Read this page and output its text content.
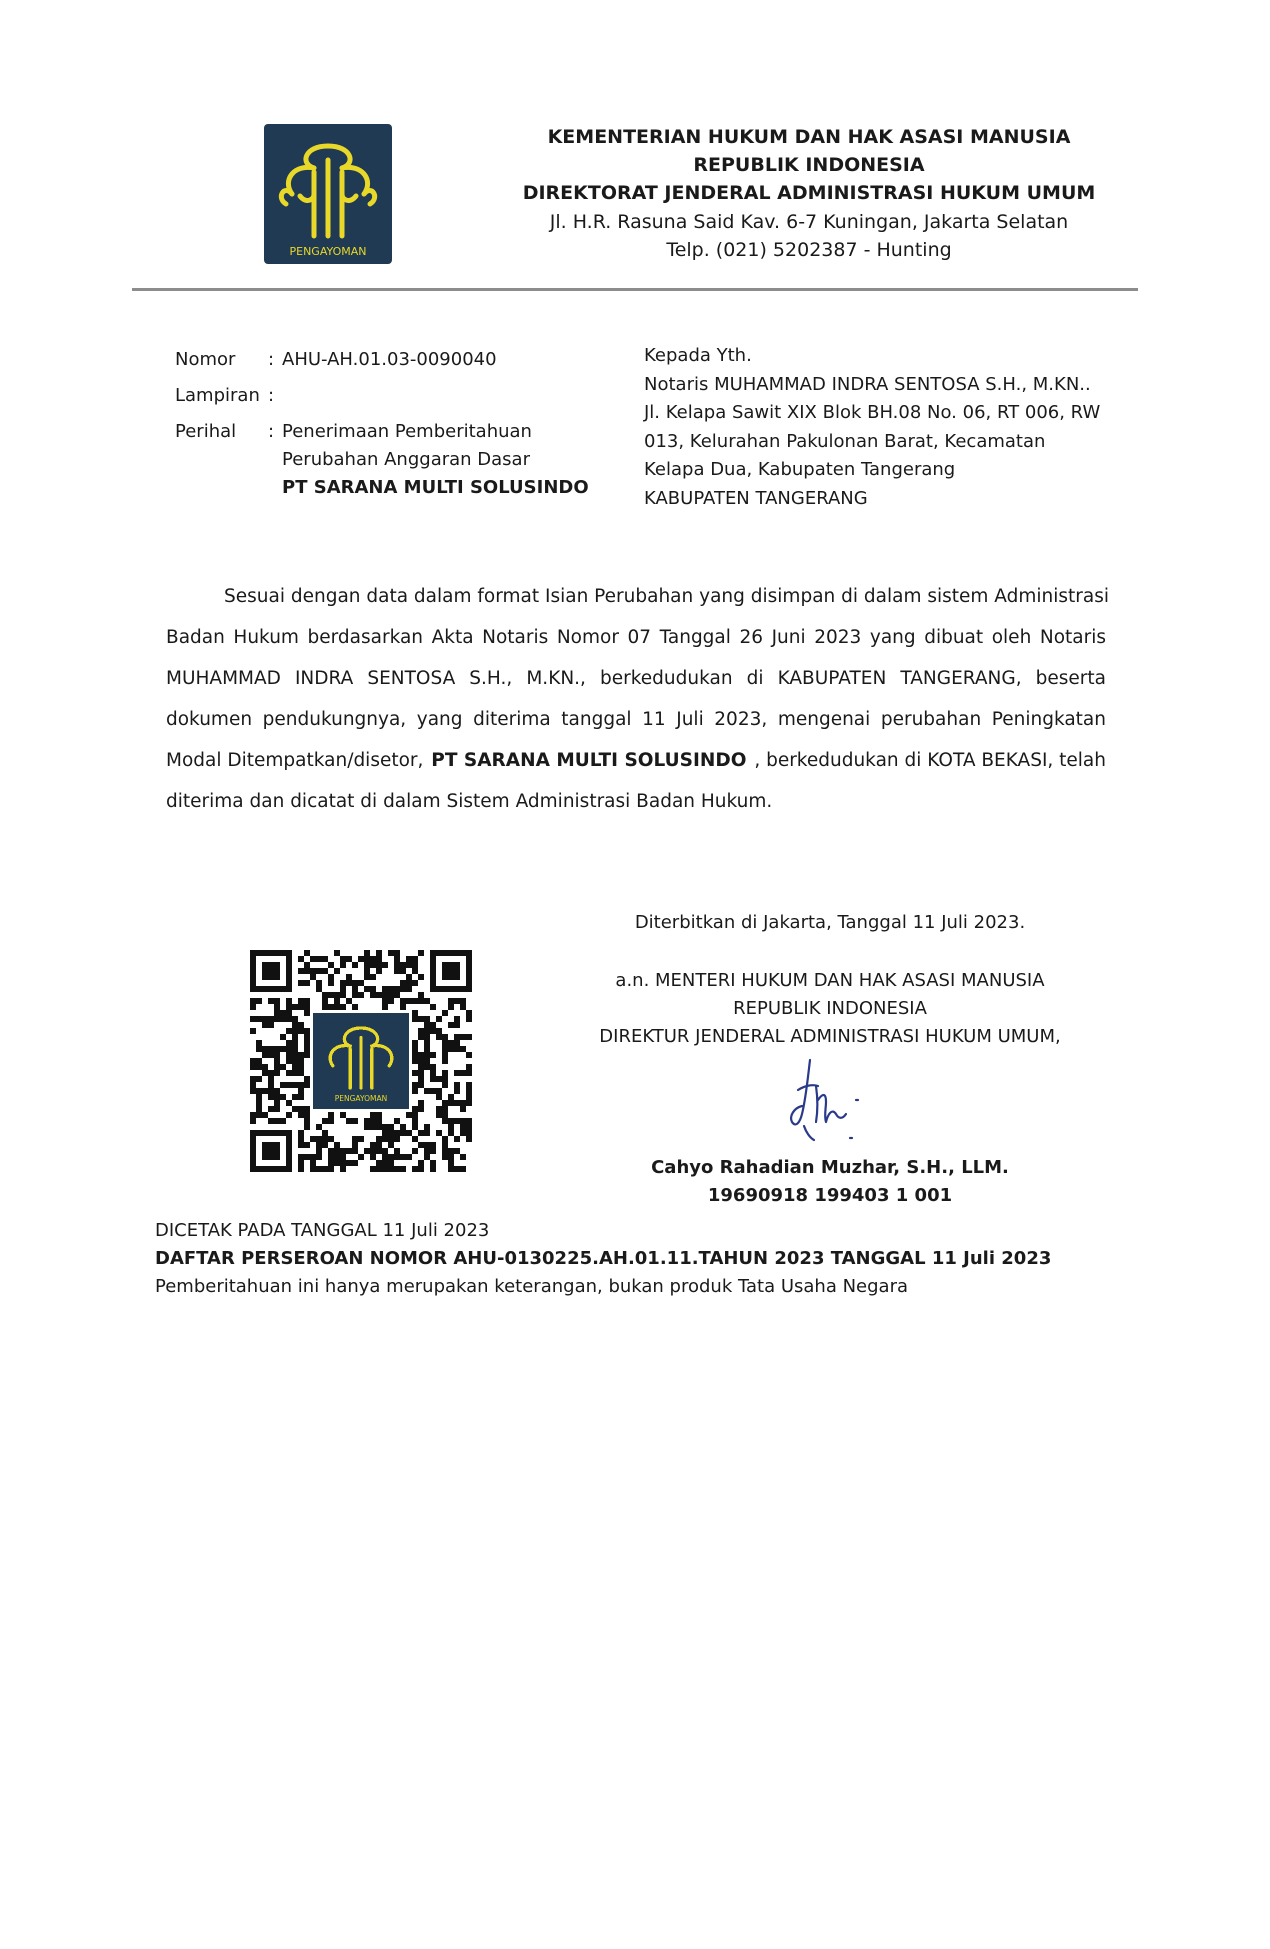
PENGAYOMAN
KEMENTERIAN HUKUM DAN HAK ASASI MANUSIA
REPUBLIK INDONESIA
DIREKTORAT JENDERAL ADMINISTRASI HUKUM UMUM
Jl. H.R. Rasuna Said Kav. 6-7 Kuningan, Jakarta Selatan
Telp. (021) 5202387 - Hunting
Nomor : AHU-AH.01.03-0090040
Lampiran :
Perihal : Penerimaan Pemberitahuan
Perubahan Anggaran Dasar
PT SARANA MULTI SOLUSINDO
Kepada Yth.
Notaris MUHAMMAD INDRA SENTOSA S.H., M.KN..
Jl. Kelapa Sawit XIX Blok BH.08 No. 06, RT 006, RW
013, Kelurahan Pakulonan Barat, Kecamatan
Kelapa Dua, Kabupaten Tangerang
KABUPATEN TANGERANG
Sesuai dengan data dalam format Isian Perubahan yang disimpan di dalam sistem Administrasi
Badan Hukum berdasarkan Akta Notaris Nomor 07 Tanggal 26 Juni 2023 yang dibuat oleh Notaris
MUHAMMAD INDRA SENTOSA S.H., M.KN., berkedudukan di KABUPATEN TANGERANG, beserta
dokumen pendukungnya, yang diterima tanggal 11 Juli 2023, mengenai perubahan Peningkatan
Modal Ditempatkan/disetor, PT SARANA MULTI SOLUSINDO , berkedudukan di KOTA BEKASI, telah
diterima dan dicatat di dalam Sistem Administrasi Badan Hukum.
PENGAYOMAN
Diterbitkan di Jakarta, Tanggal 11 Juli 2023.
a.n. MENTERI HUKUM DAN HAK ASASI MANUSIA
REPUBLIK INDONESIA
DIREKTUR JENDERAL ADMINISTRASI HUKUM UMUM,
Cahyo Rahadian Muzhar, S.H., LLM.
19690918 199403 1 001
DICETAK PADA TANGGAL 11 Juli 2023
DAFTAR PERSEROAN NOMOR AHU-0130225.AH.01.11.TAHUN 2023 TANGGAL 11 Juli 2023
Pemberitahuan ini hanya merupakan keterangan, bukan produk Tata Usaha Negara
